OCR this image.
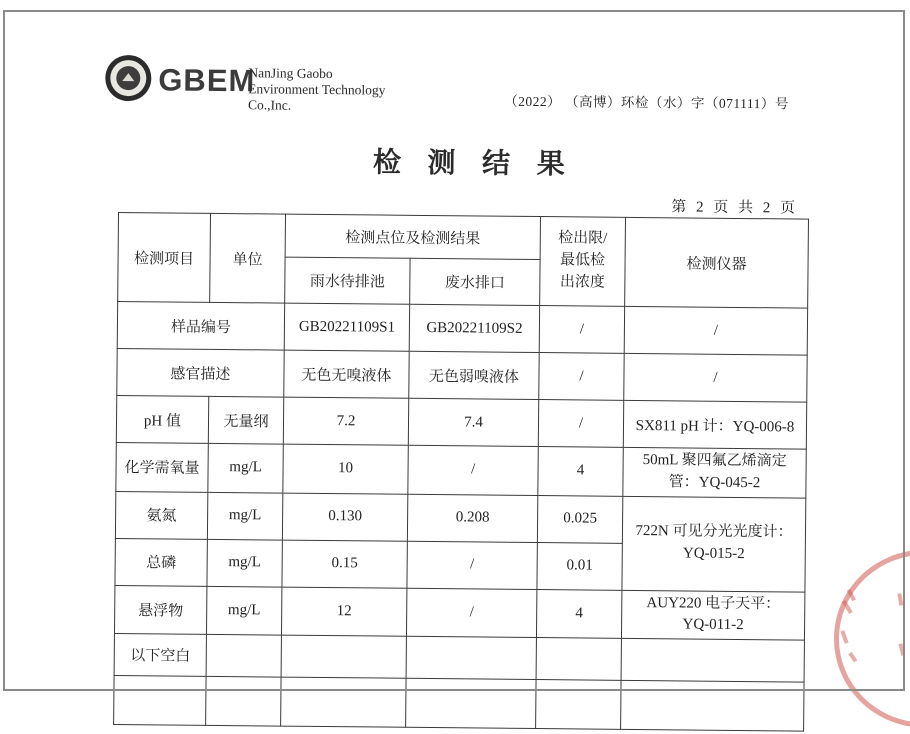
GBEM
NanJing Gaobo
Environment Technology
Co.,Inc.	（2022） （高博）环检（水）字（071111）号
检测结果
第 2 页 共 2 页
检测项目	单位	检测点位及检测结果		检出限/
最低检
出浓度	检测仪器
		雨水待排池	废水排口		
样品编号		GB20221109S1	GB20221109S2	/	/
感官描述		无色无嗅液体	无色弱嗅液体	/	/
pH 值	无量纲	7.2	7.4	/	SX811 pH 计：YQ-006-8
化学需氧量	mg/L	10	/	4	50mL 聚四氟乙烯滴定
管：YQ-045-2
氨氮	mg/L	0.130	0.208	0.025	722N 可见分光光度计：
YQ-015-2
总磷	mg/L	0.15	/	0.01	
悬浮物	mg/L	12	/	4	AUY220 电子天平：
YQ-011-2
以下空白					
